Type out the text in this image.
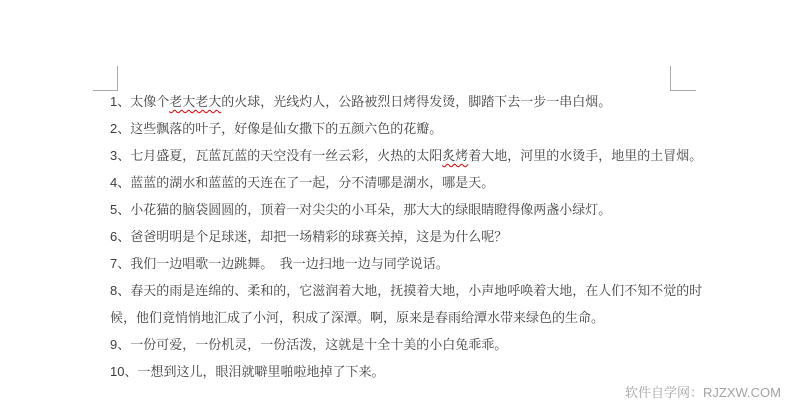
1、太像个老大老大的火球，光线灼人，公路被烈日烤得发烫，脚踏下去一步一串白烟。

2、这些飘落的叶子，好像是仙女撒下的五颜六色的花瓣。

3、七月盛夏，瓦蓝瓦蓝的天空没有一丝云彩，火热的太阳炙烤着大地，河里的水烫手，地里的土冒烟。

4、蓝蓝的湖水和蓝蓝的天连在了一起，分不清哪是湖水，哪是天。

5、小花猫的脑袋圆圆的，顶着一对尖尖的小耳朵，那大大的绿眼睛瞪得像两盏小绿灯。

6、爸爸明明是个足球迷，却把一场精彩的球赛关掉，这是为什么呢？

7、我们一边唱歌一边跳舞。　我一边扫地一边与同学说话。

8、春天的雨是连绵的、柔和的，它滋润着大地，抚摸着大地，小声地呼唤着大地，在人们不知不觉的时候，他们竟悄悄地汇成了小河，积成了深潭。啊，原来是春雨给潭水带来绿色的生命。

9、一份可爱，一份机灵，一份活泼，这就是十全十美的小白兔乖乖。

10、一想到这儿，眼泪就噼里啪啦地掉了下来。

软件自学网：RJZXW.COM
